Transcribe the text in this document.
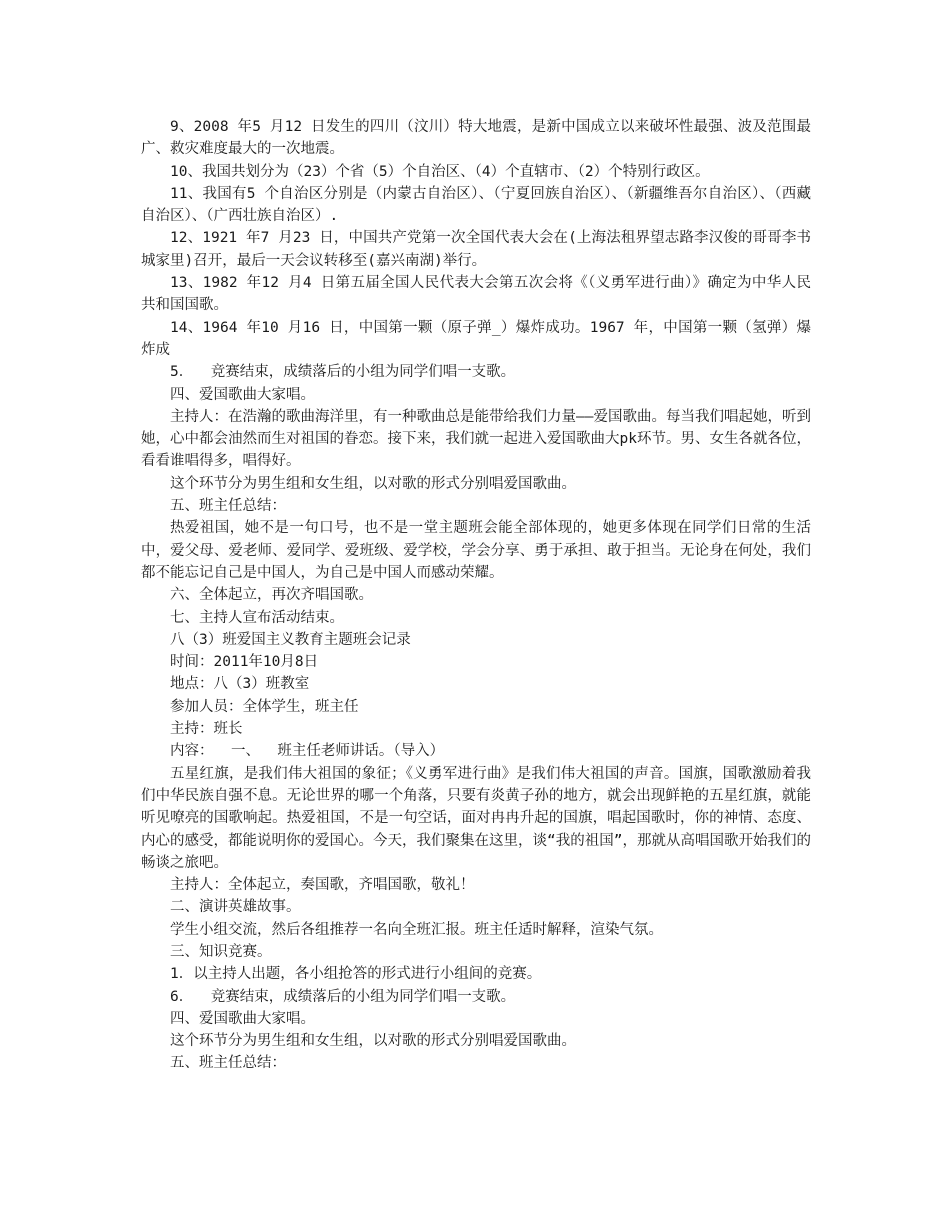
9、2008 年5 月12 日发生的四川（汶川）特大地震，是新中国成立以来破坏性最强、波及范围最广、救灾难度最大的一次地震。

10、我国共划分为（23）个省（5）个自治区、（4）个直辖市、（2）个特别行政区。

11、我国有5 个自治区分别是（内蒙古自治区）、（宁夏回族自治区）、（新疆维吾尔自治区）、（西藏自治区）、（广西壮族自治区）.

12、1921 年7 月23 日，中国共产党第一次全国代表大会在(上海法租界望志路李汉俊的哥哥李书城家里)召开，最后一天会议转移至(嘉兴南湖)举行。

13、1982 年12 月4 日第五届全国人民代表大会第五次会将《（义勇军进行曲）》确定为中华人民共和国国歌。

14、1964 年10 月16 日，中国第一颗（原子弹_）爆炸成功。1967 年，中国第一颗（氢弹）爆炸成

5．  竞赛结束，成绩落后的小组为同学们唱一支歌。

四、爱国歌曲大家唱。

主持人：在浩瀚的歌曲海洋里，有一种歌曲总是能带给我们力量——爱国歌曲。每当我们唱起她，听到她，心中都会油然而生对祖国的眷恋。接下来，我们就一起进入爱国歌曲大pk环节。男、女生各就各位，看看谁唱得多，唱得好。

这个环节分为男生组和女生组，以对歌的形式分别唱爱国歌曲。

五、班主任总结：

热爱祖国，她不是一句口号，也不是一堂主题班会能全部体现的，她更多体现在同学们日常的生活中，爱父母、爱老师、爱同学、爱班级、爱学校，学会分享、勇于承担、敢于担当。无论身在何处，我们都不能忘记自己是中国人，为自己是中国人而感动荣耀。

六、全体起立，再次齐唱国歌。

七、主持人宣布活动结束。

八（3）班爱国主义教育主题班会记录

时间：2011年10月8日

地点：八（3）班教室

参加人员：全体学生，班主任

主持：班长

内容：  一、  班主任老师讲话。（导入）

五星红旗，是我们伟大祖国的象征；《义勇军进行曲》是我们伟大祖国的声音。国旗，国歌激励着我们中华民族自强不息。无论世界的哪一个角落，只要有炎黄子孙的地方，就会出现鲜艳的五星红旗，就能听见嘹亮的国歌响起。热爱祖国，不是一句空话，面对冉冉升起的国旗，唱起国歌时，你的神情、态度、内心的感受，都能说明你的爱国心。今天，我们聚集在这里，谈“我的祖国”，那就从高唱国歌开始我们的畅谈之旅吧。

主持人：全体起立，奏国歌，齐唱国歌，敬礼！

二、演讲英雄故事。

学生小组交流，然后各组推荐一名向全班汇报。班主任适时解释，渲染气氛。

三、知识竞赛。

1．以主持人出题，各小组抢答的形式进行小组间的竞赛。

6．  竞赛结束，成绩落后的小组为同学们唱一支歌。

四、爱国歌曲大家唱。

这个环节分为男生组和女生组，以对歌的形式分别唱爱国歌曲。

五、班主任总结：
